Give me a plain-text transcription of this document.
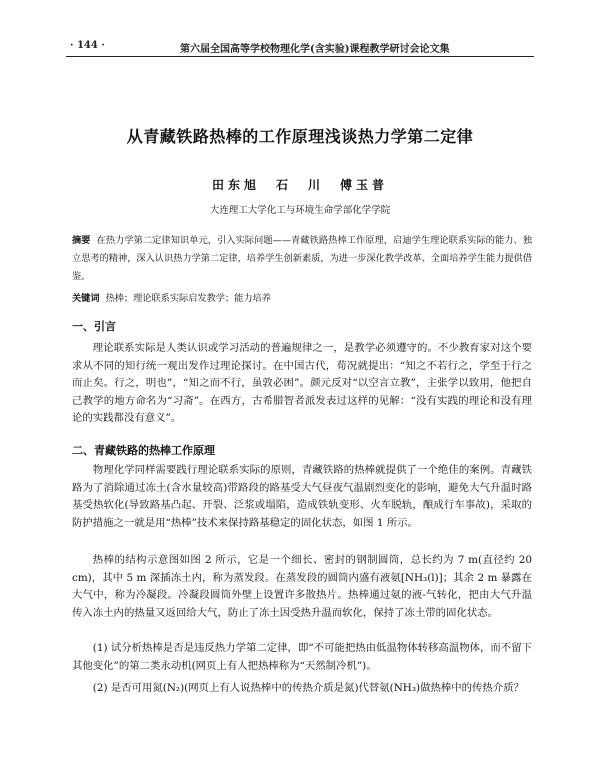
· 144 ·	第六届全国高等学校物理化学(含实验)课程教学研讨会论文集
从青藏铁路热棒的工作原理浅谈热力学第二定律
田东旭　石　川　傅玉普
大连理工大学化工与环境生命学部化学学院
摘要 在热力学第二定律知识单元，引入实际问题——青藏铁路热棒工作原理，启迪学生理论联系实际的能力、独立思考的精神，深入认识热力学第二定律，培养学生创新素质，为进一步深化教学改革、全面培养学生能力提供借鉴。
关键词 热棒；理论联系实际启发教学；能力培养
一、引言
理论联系实际是人类认识或学习活动的普遍规律之一，是教学必须遵守的。不少教育家对这个要求从不同的知行统一观出发作过理论探讨。在中国古代，荀况就提出：“知之不若行之，学至于行之而止矣。行之，明也”，“知之而不行，虽敦必困”。颜元反对“以空言立教”，主张学以致用，他把自己教学的地方命名为“习斋”。在西方，古希腊智者派发表过这样的见解：“没有实践的理论和没有理论的实践都没有意义”。
二、青藏铁路的热棒工作原理
物理化学同样需要践行理论联系实际的原则，青藏铁路的热棒就提供了一个绝佳的案例。青藏铁路为了消除通过冻土(含水量较高)带路段的路基受大气昼夜气温剧烈变化的影响，避免大气升温时路基受热软化(导致路基凸起、开裂、泛浆或塌陷，造成铁轨变形、火车脱轨，酿成行车事故)，采取的防护措施之一就是用“热棒”技术来保持路基稳定的固化状态，如图 1 所示。
热棒的结构示意图如图 2 所示，它是一个细长、密封的钢制圆筒，总长约为 7 m(直径约 20 cm)，其中 5 m 深插冻土内，称为蒸发段。在蒸发段的圆筒内盛有液氨[NH₃(l)]；其余 2 m 暴露在大气中，称为冷凝段。冷凝段圆筒外壁上设置许多散热片。热棒通过氨的液-气转化，把由大气升温传入冻土内的热量又返回给大气，防止了冻土因受热升温而软化，保持了冻土带的固化状态。
(1) 试分析热棒是否是违反热力学第二定律，即“不可能把热由低温物体转移高温物体，而不留下其他变化”的第二类永动机(网页上有人把热棒称为“天然制冷机”)。
(2) 是否可用氮(N₂)(网页上有人说热棒中的传热介质是氮)代替氨(NH₃)做热棒中的传热介质？
